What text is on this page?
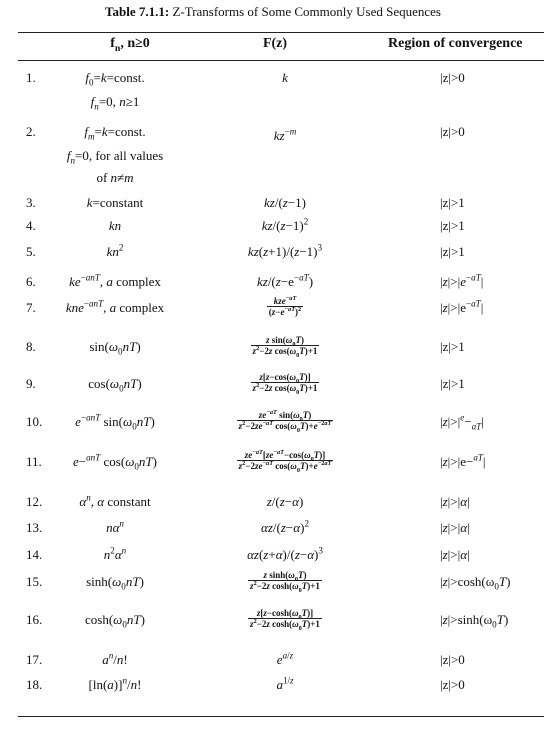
Table 7.1.1: Z-Transforms of Some Commonly Used Sequences
$f_n$, n≥0	F(z)	Region of convergence
1.	$f_0=k=const$.	k	|z|>0
$f_n=0$, n≥1
2.	$f_m=k=const$.	$kz^{-m}$	|z|>0
$f_n=0$, for all values
of n≠m
3.	k=constant	kz/(z−1)	|z|>1
4.	kn	$kz/(z-1)^2$	|z|>1
5.	$kn^2$	$kz(z+1)/(z-1)^3$	|z|>1
6.	$ke^{-anT}$, a complex	$kz/(z-e^{-aT})$	$|z|>|e^{-aT}|$
7.	kne$^{-anT}$, a complex	$\frac{kze^{-aT}}{(z-e^{-aT})^2}$	$|z|>|e^{-aT}|$
8.	$\sin(\omega_0nT)$	$\frac{z \sin(\omega_0T)}{z^2-2z \cos(\omega_0T)+1}$	|z|>1
9.	$\cos(\omega_0nT)$	$\frac{z[z-\cos(\omega_0T)]}{z^2-2z \cos(\omega_0T)+1}$	|z|>1
10.	$e^{-anT}$ $\sin(\omega_0nT)$	$\frac{ze^{-aT} \sin(\omega_0T)}{z^2-2ze^{-aT} \cos(\omega_0T)+e^{-2aT}}$	$|z|>|^e-_{aT}|$
11.	e−$^{anT}$ $\cos(\omega_0nT)$	$\frac{ze^{-aT}[ze^{-aT}-\cos(\omega_0T)]}{z^2-2ze^{-aT} \cos(\omega_0T)+e^{-2aT}}$	|z|>|e−$^{aT}$|
12.	$\alpha^n$, α constant	z/(z−α)	|z|>|α|
13.	$n\alpha^n$	$\alpha z/(z-\alpha)^2$	|z|>|α|
14.	$n^2\alpha^n$	$\alpha z(z+\alpha)/(z-\alpha)^3$	|z|>|α|
15.	$\sinh(\omega_0nT)$	$\frac{z \sinh(\omega_0T)}{z^2-2z \cosh(\omega_0T)+1}$	$|z|>\cosh(\omega_0T)$
16.	$\cosh(\omega_0nT)$	$\frac{z[z-\cosh(\omega_0T)]}{z^2-2z \cosh(\omega_0T)+1}$	$|z|>\sinh(\omega_0T)$
17.	$a^n/n$!	$e^{a/z}$	|z|>0
18.	$[\ln(a)]^n/n$!	$a^{1/z}$	|z|>0
